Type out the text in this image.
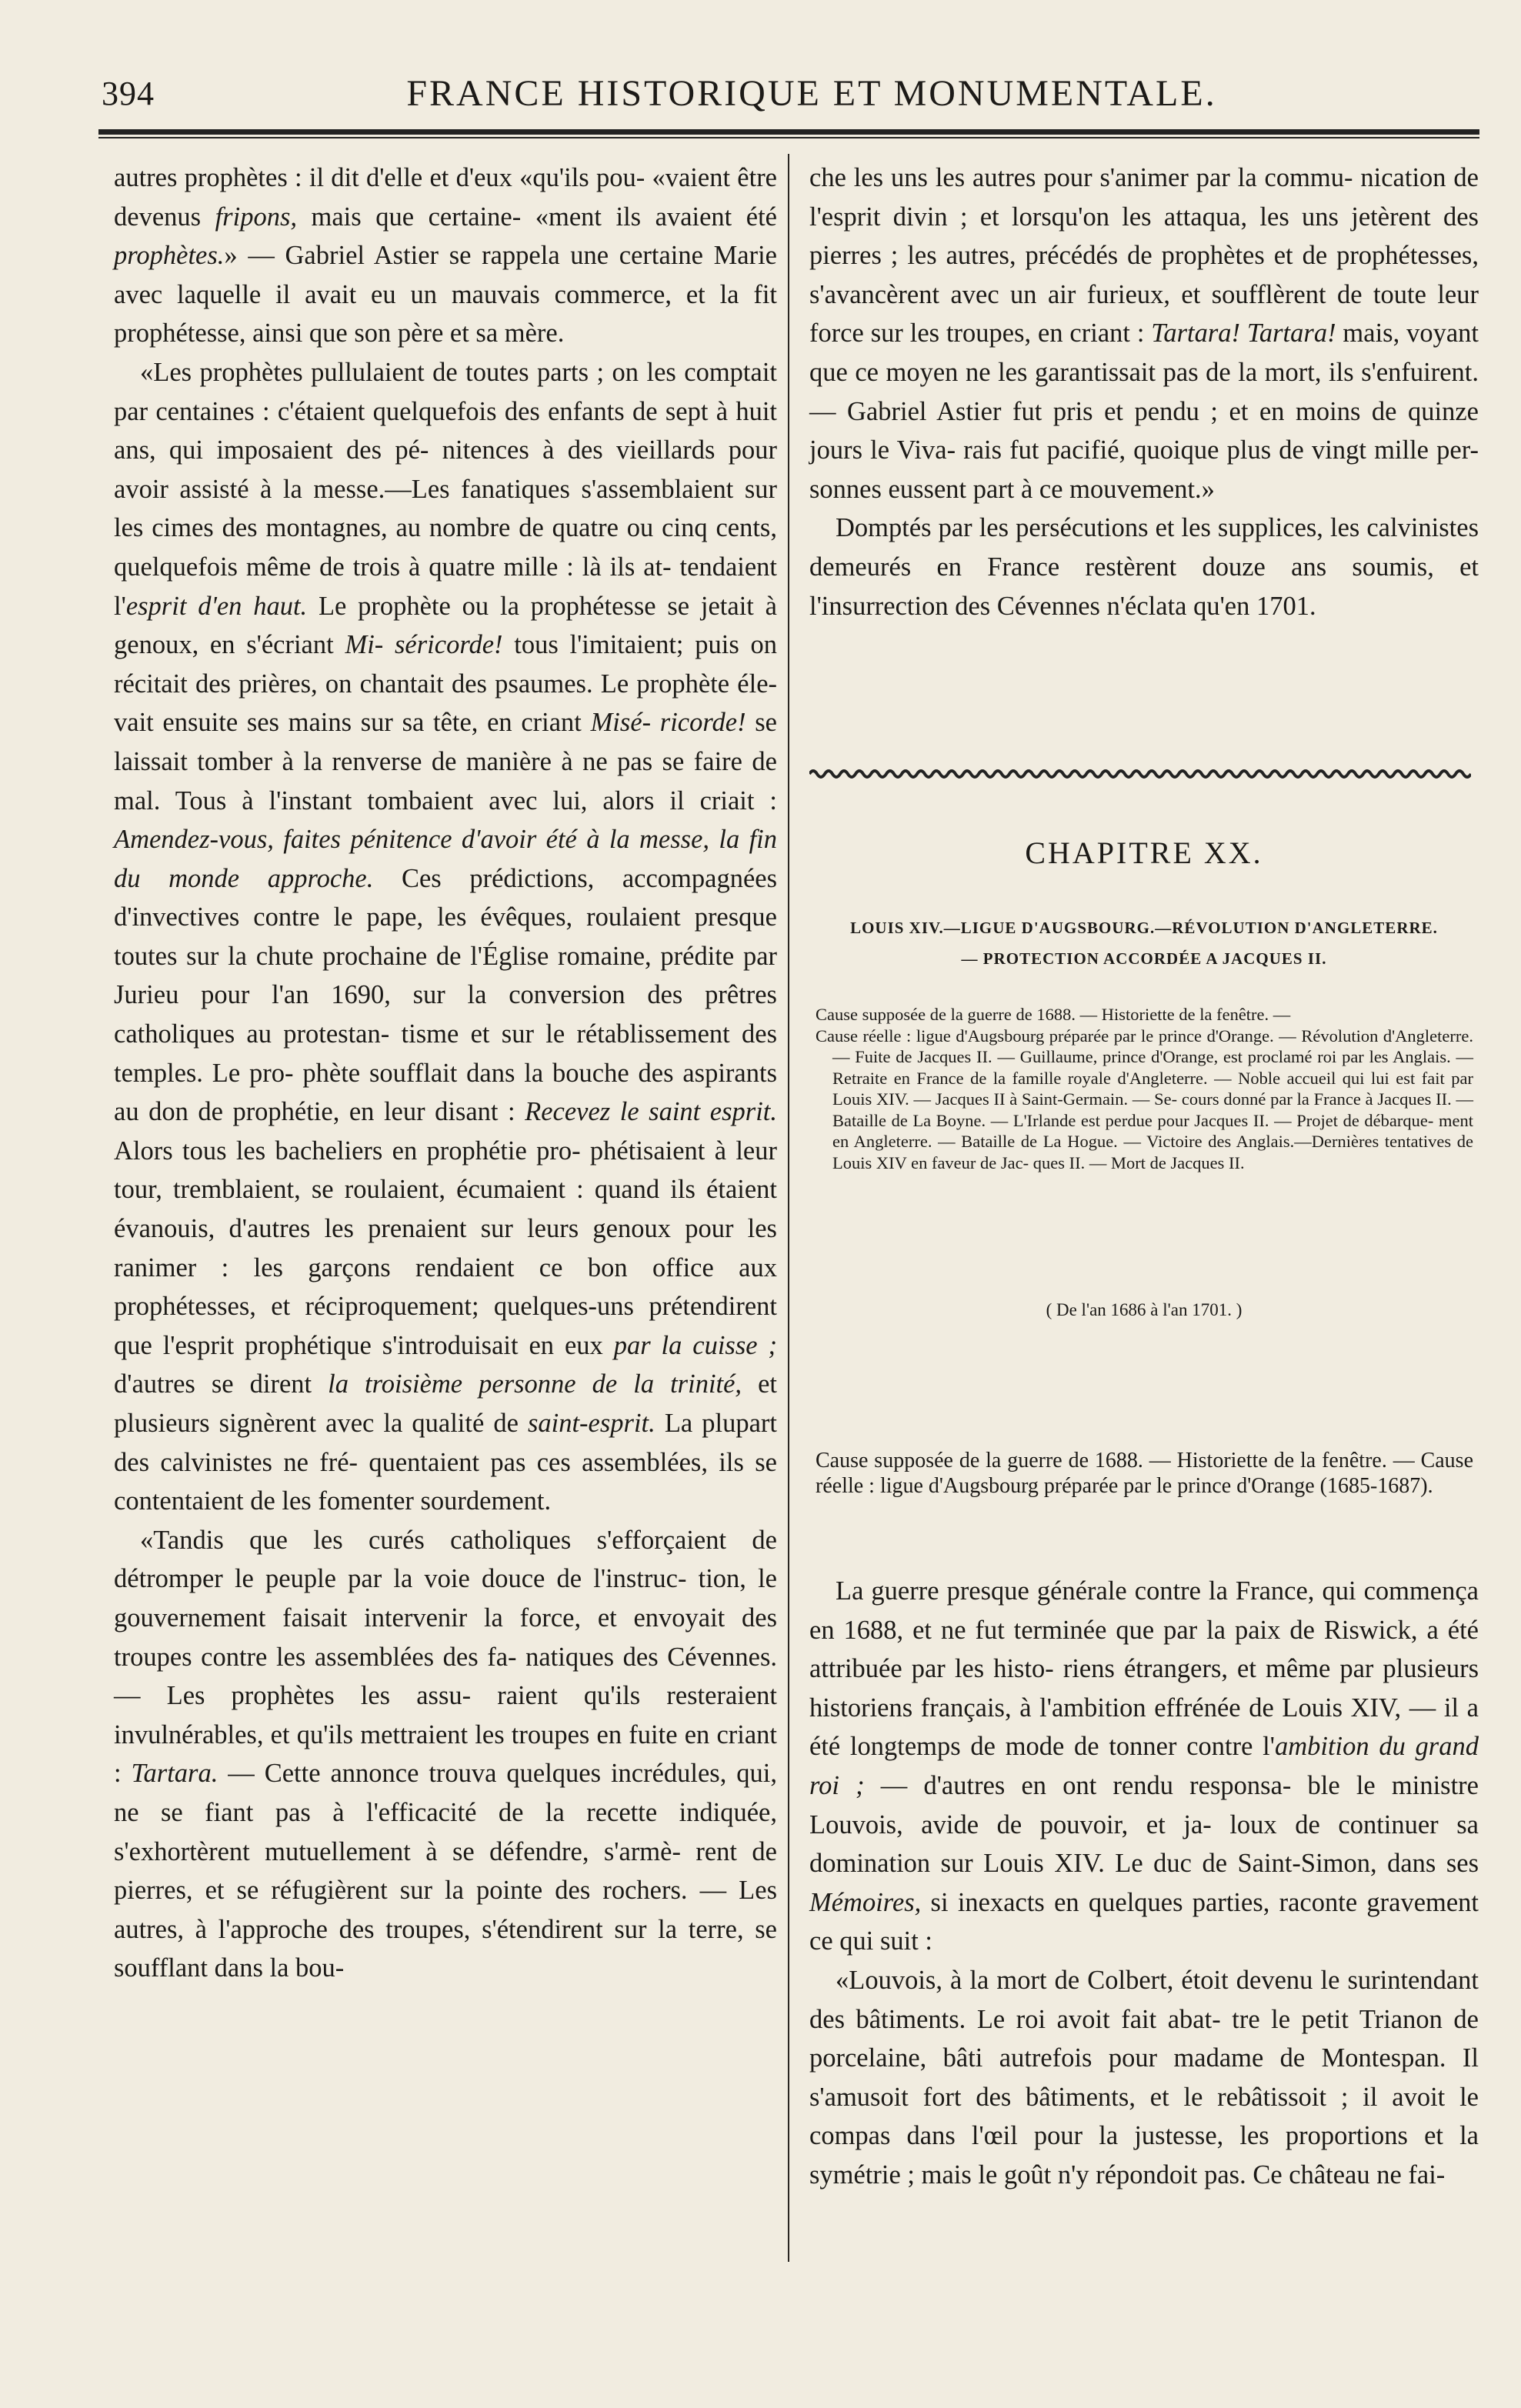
394	FRANCE HISTORIQUE ET MONUMENTALE.

autres prophètes : il dit d'elle et d'eux «qu'ils pou- «vaient être devenus fripons, mais que certaine- «ment ils avaient été prophètes.» — Gabriel Astier se rappela une certaine Marie avec laquelle il avait eu un mauvais commerce, et la fit prophétesse, ainsi que son père et sa mère.

«Les prophètes pullulaient de toutes parts ; on les comptait par centaines : c'étaient quelquefois des enfants de sept à huit ans, qui imposaient des pé- nitences à des vieillards pour avoir assisté à la messe.—Les fanatiques s'assemblaient sur les cimes des montagnes, au nombre de quatre ou cinq cents, quelquefois même de trois à quatre mille : là ils at- tendaient l'esprit d'en haut. Le prophète ou la prophétesse se jetait à genoux, en s'écriant Mi- séricorde! tous l'imitaient; puis on récitait des prières, on chantait des psaumes. Le prophète éle- vait ensuite ses mains sur sa tête, en criant Misé- ricorde! se laissait tomber à la renverse de manière à ne pas se faire de mal. Tous à l'instant tombaient avec lui, alors il criait : Amendez-vous, faites pénitence d'avoir été à la messe, la fin du monde approche. Ces prédictions, accompagnées d'invectives contre le pape, les évêques, roulaient presque toutes sur la chute prochaine de l'Église romaine, prédite par Jurieu pour l'an 1690, sur la conversion des prêtres catholiques au protestan- tisme et sur le rétablissement des temples. Le pro- phète soufflait dans la bouche des aspirants au don de prophétie, en leur disant : Recevez le saint esprit. Alors tous les bacheliers en prophétie pro- phétisaient à leur tour, tremblaient, se roulaient, écumaient : quand ils étaient évanouis, d'autres les prenaient sur leurs genoux pour les ranimer : les garçons rendaient ce bon office aux prophétesses, et réciproquement; quelques-uns prétendirent que l'esprit prophétique s'introduisait en eux par la cuisse ; d'autres se dirent la troisième personne de la trinité, et plusieurs signèrent avec la qualité de saint-esprit. La plupart des calvinistes ne fré- quentaient pas ces assemblées, ils se contentaient de les fomenter sourdement.

«Tandis que les curés catholiques s'efforçaient de détromper le peuple par la voie douce de l'instruc- tion, le gouvernement faisait intervenir la force, et envoyait des troupes contre les assemblées des fa- natiques des Cévennes. — Les prophètes les assu- raient qu'ils resteraient invulnérables, et qu'ils mettraient les troupes en fuite en criant : Tartara. — Cette annonce trouva quelques incrédules, qui, ne se fiant pas à l'efficacité de la recette indiquée, s'exhortèrent mutuellement à se défendre, s'armè- rent de pierres, et se réfugièrent sur la pointe des rochers. — Les autres, à l'approche des troupes, s'étendirent sur la terre, se soufflant dans la bou-

che les uns les autres pour s'animer par la commu- nication de l'esprit divin ; et lorsqu'on les attaqua, les uns jetèrent des pierres ; les autres, précédés de prophètes et de prophétesses, s'avancèrent avec un air furieux, et soufflèrent de toute leur force sur les troupes, en criant : Tartara! Tartara! mais, voyant que ce moyen ne les garantissait pas de la mort, ils s'enfuirent. — Gabriel Astier fut pris et pendu ; et en moins de quinze jours le Viva- rais fut pacifié, quoique plus de vingt mille per- sonnes eussent part à ce mouvement.»

Domptés par les persécutions et les supplices, les calvinistes demeurés en France restèrent douze ans soumis, et l'insurrection des Cévennes n'éclata qu'en 1701.

CHAPITRE XX.
LOUIS XIV.—LIGUE D'AUGSBOURG.—RÉVOLUTION D'ANGLETERRE.
— PROTECTION ACCORDÉE A JACQUES II.
Cause supposée de la guerre de 1688. — Historiette de la fenêtre. —
Cause réelle : ligue d'Augsbourg préparée par le prince d'Orange. — Révolution d'Angleterre. — Fuite de Jacques II. — Guillaume, prince d'Orange, est proclamé roi par les Anglais. — Retraite en France de la famille royale d'Angleterre. — Noble accueil qui lui est fait par Louis XIV. — Jacques II à Saint-Germain. — Se- cours donné par la France à Jacques II. — Bataille de La Boyne. — L'Irlande est perdue pour Jacques II. — Projet de débarque- ment en Angleterre. — Bataille de La Hogue. — Victoire des Anglais.—Dernières tentatives de Louis XIV en faveur de Jac- ques II. — Mort de Jacques II.
( De l'an 1686 à l'an 1701. )
Cause supposée de la guerre de 1688. — Historiette de la fenêtre. — Cause réelle : ligue d'Augsbourg préparée par le prince d'Orange (1685-1687).

La guerre presque générale contre la France, qui commença en 1688, et ne fut terminée que par la paix de Riswick, a été attribuée par les histo- riens étrangers, et même par plusieurs historiens français, à l'ambition effrénée de Louis XIV, — il a été longtemps de mode de tonner contre l'ambition du grand roi ; — d'autres en ont rendu responsa- ble le ministre Louvois, avide de pouvoir, et ja- loux de continuer sa domination sur Louis XIV. Le duc de Saint-Simon, dans ses Mémoires, si inexacts en quelques parties, raconte gravement ce qui suit :

«Louvois, à la mort de Colbert, étoit devenu le surintendant des bâtiments. Le roi avoit fait abat- tre le petit Trianon de porcelaine, bâti autrefois pour madame de Montespan. Il s'amusoit fort des bâtiments, et le rebâtissoit ; il avoit le compas dans l'œil pour la justesse, les proportions et la symétrie ; mais le goût n'y répondoit pas. Ce château ne fai-
